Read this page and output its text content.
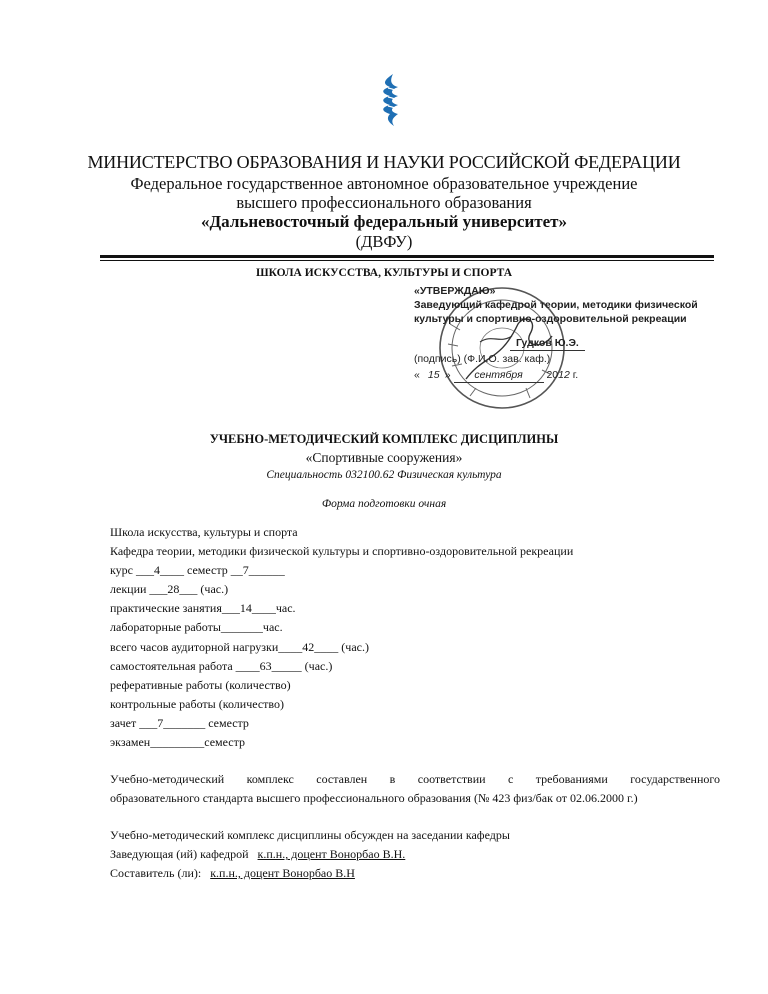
МИНИСТЕРСТВО ОБРАЗОВАНИЯ И НАУКИ РОССИЙСКОЙ ФЕДЕРАЦИИ
Федеральное государственное автономное образовательное учреждение
высшего профессионального образования
«Дальневосточный федеральный университет»
(ДВФУ)
ШКОЛА ИСКУССТВА, КУЛЬТУРЫ И СПОРТА
«УТВЕРЖДАЮ»
Заведующий кафедрой теории, методики физической
культуры и спортивно-оздоровительной рекреации
Гудков Ю.Э.
(подпись) (Ф.И.О. зав. каф.)
« 15 » сентября 2012 г.
УЧЕБНО-МЕТОДИЧЕСКИЙ КОМПЛЕКС ДИСЦИПЛИНЫ
«Спортивные сооружения»
Специальность 032100.62 Физическая культура
Форма подготовки очная
Школа искусства, культуры и спорта
Кафедра теории, методики физической культуры и спортивно-оздоровительной рекреации
курс ___4____ семестр __7______
лекции ___28___ (час.)
практические занятия___14____час.
лабораторные работы_______час.
всего часов аудиторной нагрузки____42____ (час.)
самостоятельная работа ____63_____ (час.)
реферативные работы (количество)
контрольные работы (количество)
зачет ___7_______ семестр
экзамен_________семестр
Учебно-методический комплекс составлен в соответствии с требованиями государственного
образовательного стандарта высшего профессионального образования (№ 423 физ/бак от 02.06.2000 г.)
Учебно-методический комплекс дисциплины обсужден на заседании кафедры
Заведующая (ий) кафедрой к.п.н., доцент Вонорбао В.Н.
Составитель (ли): к.п.н., доцент Вонорбао В.Н
